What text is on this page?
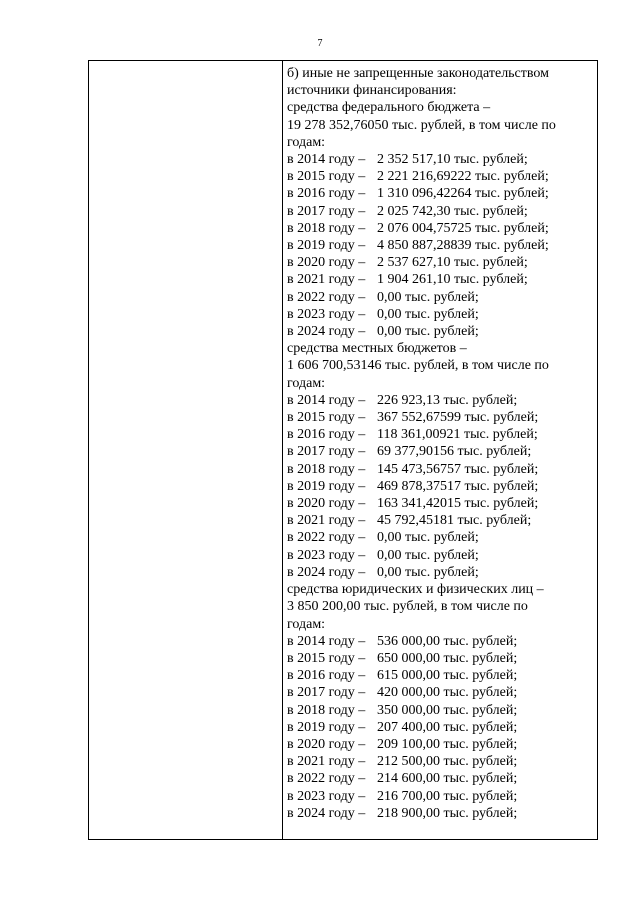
7
б) иные не запрещенные законодательством
источники финансирования:
средства федерального бюджета –
19 278 352,76050 тыс. рублей, в том числе по
годам:
в 2014 году – 2 352 517,10 тыс. рублей;
в 2015 году – 2 221 216,69222 тыс. рублей;
в 2016 году – 1 310 096,42264 тыс. рублей;
в 2017 году – 2 025 742,30 тыс. рублей;
в 2018 году – 2 076 004,75725 тыс. рублей;
в 2019 году – 4 850 887,28839 тыс. рублей;
в 2020 году – 2 537 627,10 тыс. рублей;
в 2021 году – 1 904 261,10 тыс. рублей;
в 2022 году – 0,00 тыс. рублей;
в 2023 году – 0,00 тыс. рублей;
в 2024 году – 0,00 тыс. рублей;
средства местных бюджетов –
1 606 700,53146 тыс. рублей, в том числе по
годам:
в 2014 году – 226 923,13 тыс. рублей;
в 2015 году – 367 552,67599 тыс. рублей;
в 2016 году – 118 361,00921 тыс. рублей;
в 2017 году – 69 377,90156 тыс. рублей;
в 2018 году – 145 473,56757 тыс. рублей;
в 2019 году – 469 878,37517 тыс. рублей;
в 2020 году – 163 341,42015 тыс. рублей;
в 2021 году – 45 792,45181 тыс. рублей;
в 2022 году – 0,00 тыс. рублей;
в 2023 году – 0,00 тыс. рублей;
в 2024 году – 0,00 тыс. рублей;
средства юридических и физических лиц –
3 850 200,00 тыс. рублей, в том числе по
годам:
в 2014 году – 536 000,00 тыс. рублей;
в 2015 году – 650 000,00 тыс. рублей;
в 2016 году – 615 000,00 тыс. рублей;
в 2017 году – 420 000,00 тыс. рублей;
в 2018 году – 350 000,00 тыс. рублей;
в 2019 году – 207 400,00 тыс. рублей;
в 2020 году – 209 100,00 тыс. рублей;
в 2021 году – 212 500,00 тыс. рублей;
в 2022 году – 214 600,00 тыс. рублей;
в 2023 году – 216 700,00 тыс. рублей;
в 2024 году – 218 900,00 тыс. рублей;
